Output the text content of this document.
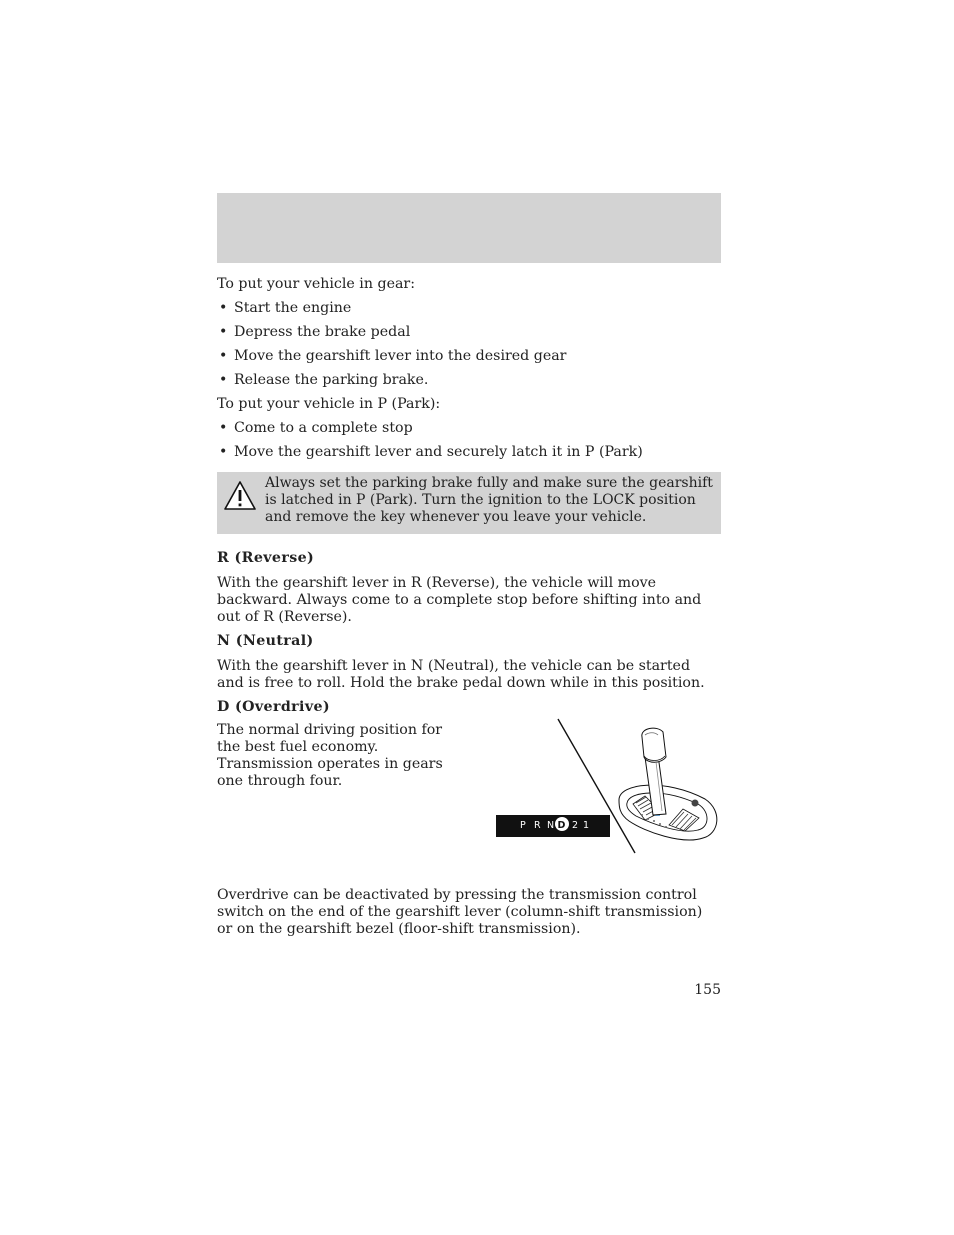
To put your vehicle in gear:

• Start the engine
• Depress the brake pedal
• Move the gearshift lever into the desired gear
• Release the parking brake.

To put your vehicle in P (Park):

• Come to a complete stop
• Move the gearshift lever and securely latch it in P (Park)
Always set the parking brake fully and make sure the gearshift is latched in P (Park). Turn the ignition to the LOCK position and remove the key whenever you leave your vehicle.

R (Reverse)

With the gearshift lever in R (Reverse), the vehicle will move backward. Always come to a complete stop before shifting into and out of R (Reverse).

N (Neutral)

With the gearshift lever in N (Neutral), the vehicle can be started and is free to roll. Hold the brake pedal down while in this position.

D (Overdrive)

The normal driving position for the best fuel economy. Transmission operates in gears one through four.

P R N D 2 1

Overdrive can be deactivated by pressing the transmission control switch on the end of the gearshift lever (column-shift transmission) or on the gearshift bezel (floor-shift transmission).

155
